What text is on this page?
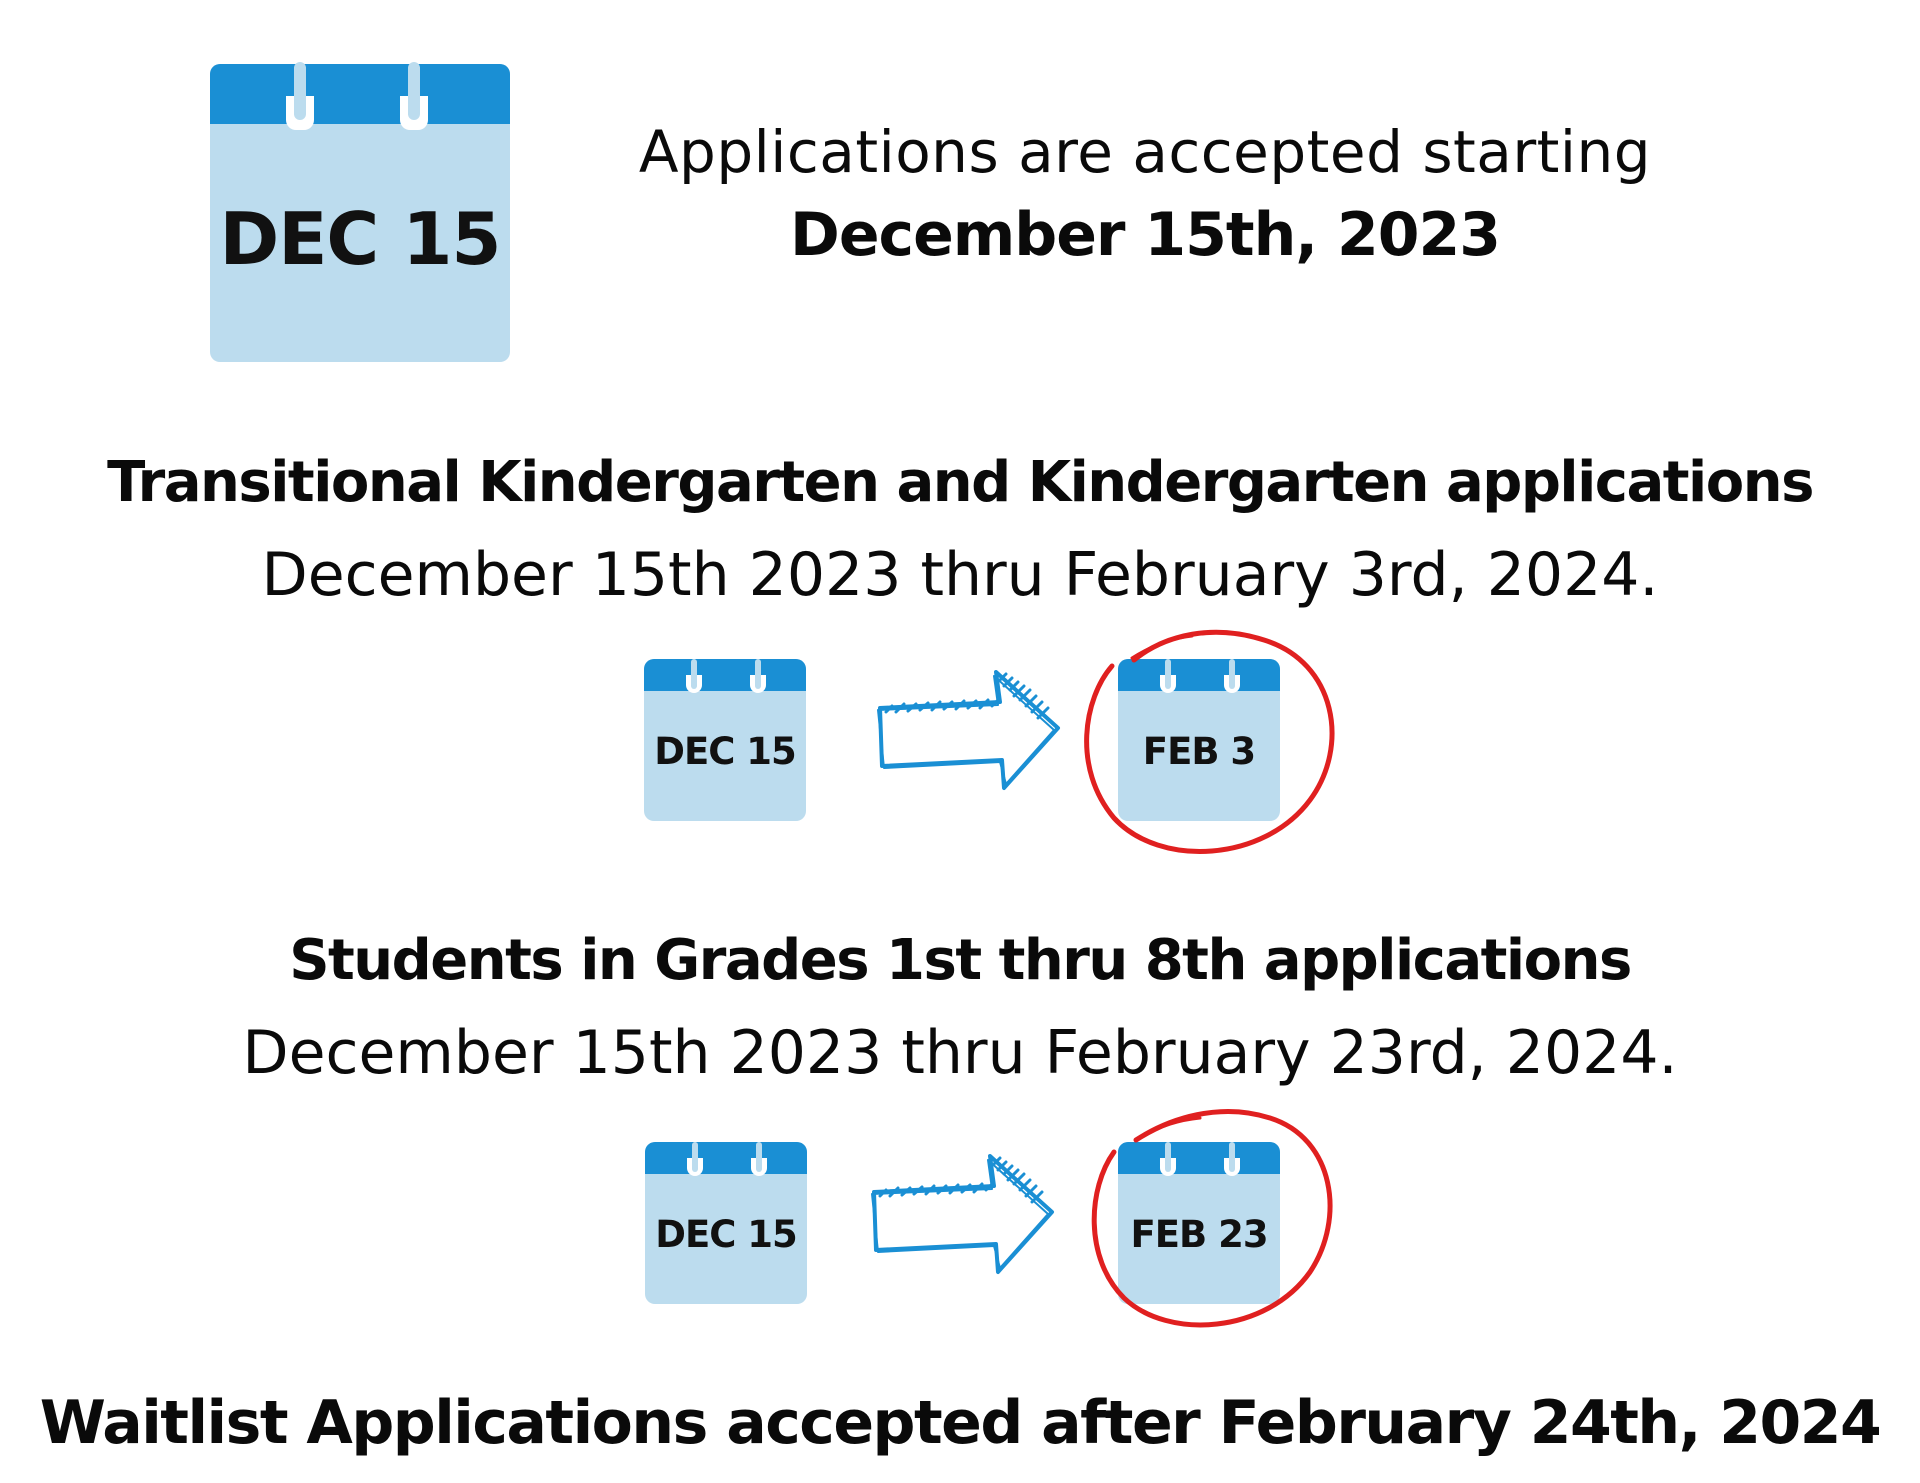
DEC 15
Applications are accepted starting
December 15th, 2023
Transitional Kindergarten and Kindergarten applications
December 15th 2023 thru February 3rd, 2024.
DEC 15	FEB 3
Students in Grades 1st thru 8th applications
December 15th 2023 thru February 23rd, 2024.
DEC 15	FEB 23
Waitlist Applications accepted after February 24th, 2024
